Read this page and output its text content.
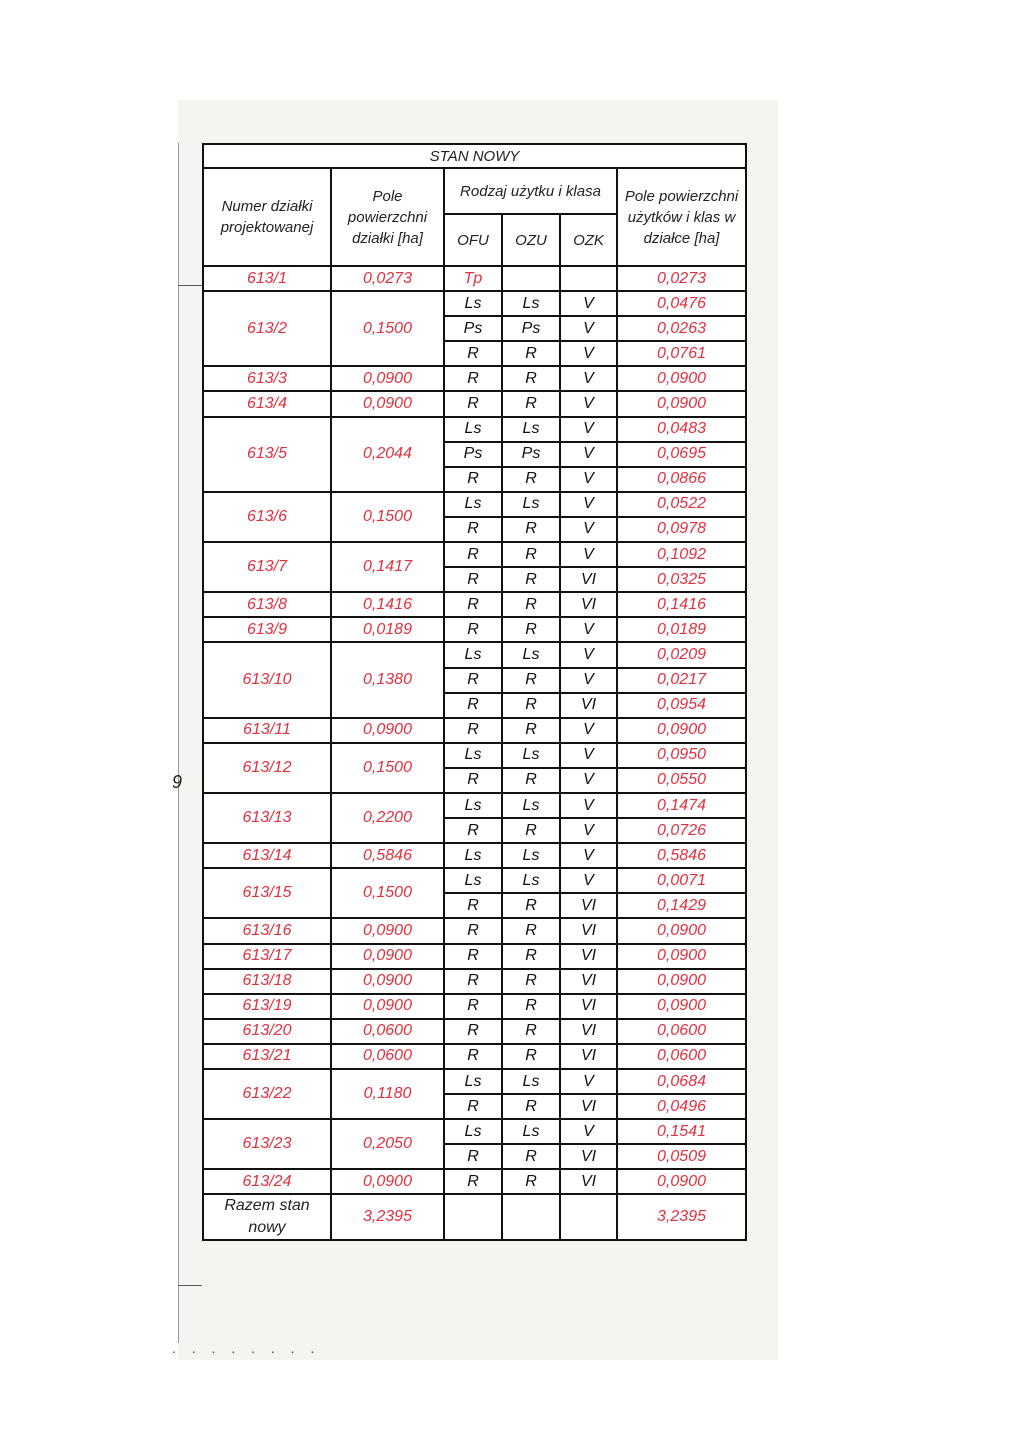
9
. . . . . . . .
STAN NOWY					
Numer działki projektowanej	Pole powierzchni działki [ha]	Rodzaj użytku i klasa			Pole powierzchni użytków i klas w działce [ha]
		OFU	OZU	OZK	
613/1	0,0273	Tp			0,0273
613/2	0,1500	Ls	Ls	V	0,0476
		Ps	Ps	V	0,0263
		R	R	V	0,0761
613/3	0,0900	R	R	V	0,0900
613/4	0,0900	R	R	V	0,0900
613/5	0,2044	Ls	Ls	V	0,0483
		Ps	Ps	V	0,0695
		R	R	V	0,0866
613/6	0,1500	Ls	Ls	V	0,0522
		R	R	V	0,0978
613/7	0,1417	R	R	V	0,1092
		R	R	VI	0,0325
613/8	0,1416	R	R	VI	0,1416
613/9	0,0189	R	R	V	0,0189
613/10	0,1380	Ls	Ls	V	0,0209
		R	R	V	0,0217
		R	R	VI	0,0954
613/11	0,0900	R	R	V	0,0900
613/12	0,1500	Ls	Ls	V	0,0950
		R	R	V	0,0550
613/13	0,2200	Ls	Ls	V	0,1474
		R	R	V	0,0726
613/14	0,5846	Ls	Ls	V	0,5846
613/15	0,1500	Ls	Ls	V	0,0071
		R	R	VI	0,1429
613/16	0,0900	R	R	VI	0,0900
613/17	0,0900	R	R	VI	0,0900
613/18	0,0900	R	R	VI	0,0900
613/19	0,0900	R	R	VI	0,0900
613/20	0,0600	R	R	VI	0,0600
613/21	0,0600	R	R	VI	0,0600
613/22	0,1180	Ls	Ls	V	0,0684
		R	R	VI	0,0496
613/23	0,2050	Ls	Ls	V	0,1541
		R	R	VI	0,0509
613/24	0,0900	R	R	VI	0,0900
Razem stan nowy	3,2395				3,2395
